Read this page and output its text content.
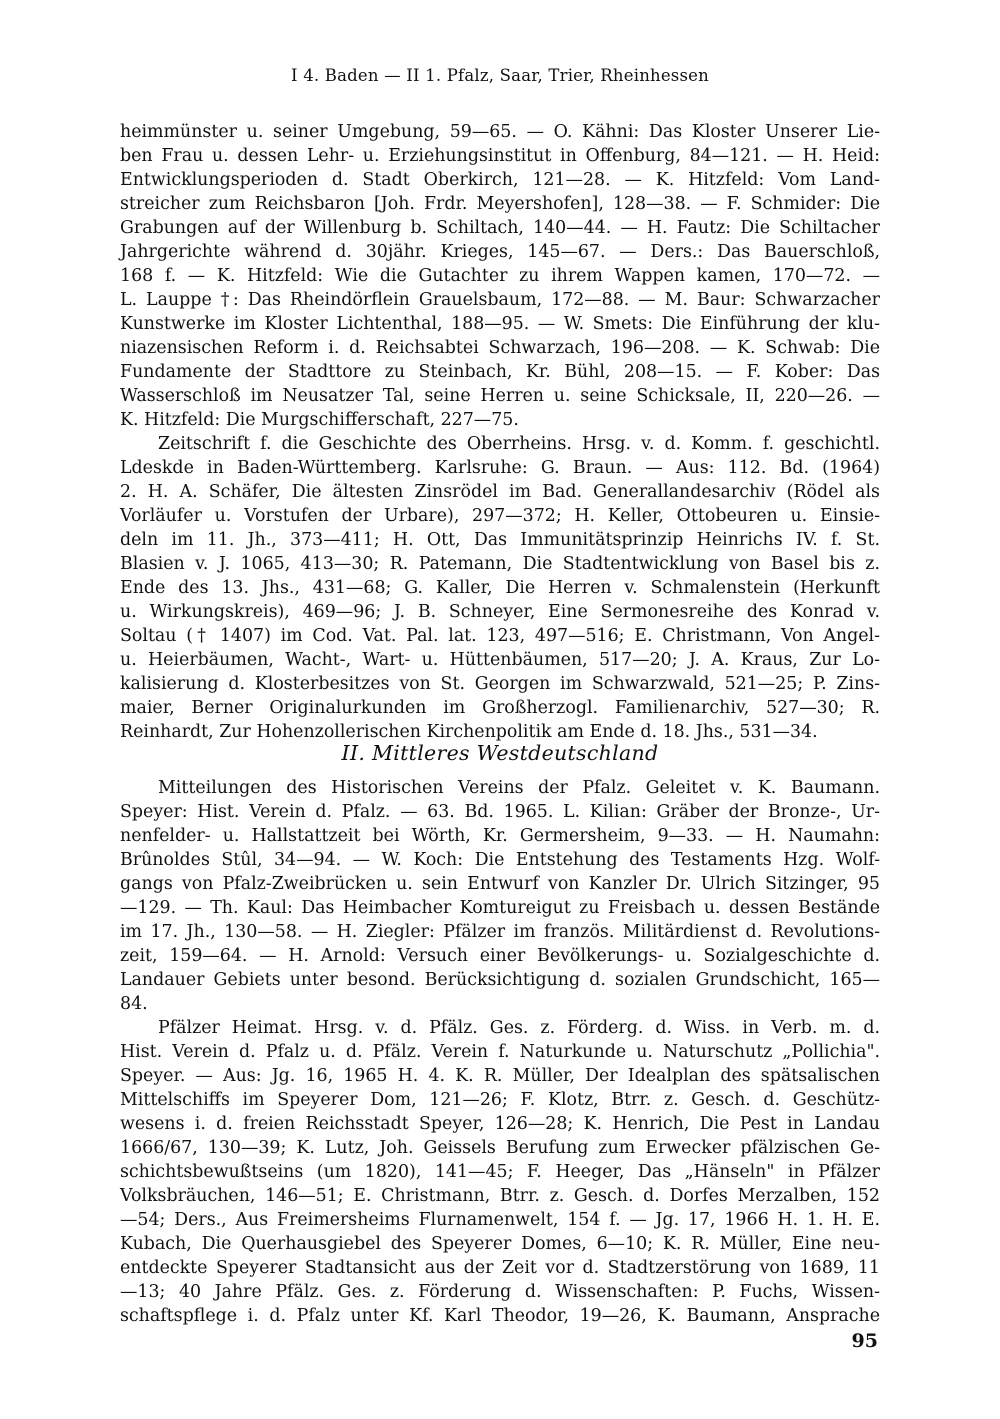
I 4. Baden — II 1. Pfalz, Saar, Trier, Rheinhessen
heimmünster u. seiner Umgebung, 59—65. — O. Kähni: Das Kloster Unserer Lie-
ben Frau u. dessen Lehr- u. Erziehungsinstitut in Offenburg, 84—121. — H. Heid:
Entwicklungsperioden d. Stadt Oberkirch, 121—28. — K. Hitzfeld: Vom Land-
streicher zum Reichsbaron [Joh. Frdr. Meyershofen], 128—38. — F. Schmider: Die
Grabungen auf der Willenburg b. Schiltach, 140—44. — H. Fautz: Die Schiltacher
Jahrgerichte während d. 30jähr. Krieges, 145—67. — Ders.: Das Bauerschloß,
168 f. — K. Hitzfeld: Wie die Gutachter zu ihrem Wappen kamen, 170—72. —
L. Lauppe †: Das Rheindörflein Grauelsbaum, 172—88. — M. Baur: Schwarzacher
Kunstwerke im Kloster Lichtenthal, 188—95. — W. Smets: Die Einführung der klu-
niazensischen Reform i. d. Reichsabtei Schwarzach, 196—208. — K. Schwab: Die
Fundamente der Stadttore zu Steinbach, Kr. Bühl, 208—15. — F. Kober: Das
Wasserschloß im Neusatzer Tal, seine Herren u. seine Schicksale, II, 220—26. —
K. Hitzfeld: Die Murgschifferschaft, 227—75.
Zeitschrift f. die Geschichte des Oberrheins. Hrsg. v. d. Komm. f. geschichtl.
Ldeskde in Baden-Württemberg. Karlsruhe: G. Braun. — Aus: 112. Bd. (1964)
2. H. A. Schäfer, Die ältesten Zinsrödel im Bad. Generallandesarchiv (Rödel als
Vorläufer u. Vorstufen der Urbare), 297—372; H. Keller, Ottobeuren u. Einsie-
deln im 11. Jh., 373—411; H. Ott, Das Immunitätsprinzip Heinrichs IV. f. St.
Blasien v. J. 1065, 413—30; R. Patemann, Die Stadtentwicklung von Basel bis z.
Ende des 13. Jhs., 431—68; G. Kaller, Die Herren v. Schmalenstein (Herkunft
u. Wirkungskreis), 469—96; J. B. Schneyer, Eine Sermonesreihe des Konrad v.
Soltau († 1407) im Cod. Vat. Pal. lat. 123, 497—516; E. Christmann, Von Angel-
u. Heierbäumen, Wacht-, Wart- u. Hüttenbäumen, 517—20; J. A. Kraus, Zur Lo-
kalisierung d. Klosterbesitzes von St. Georgen im Schwarzwald, 521—25; P. Zins-
maier, Berner Originalurkunden im Großherzogl. Familienarchiv, 527—30; R.
Reinhardt, Zur Hohenzollerischen Kirchenpolitik am Ende d. 18. Jhs., 531—34.
II. Mittleres Westdeutschland
Mitteilungen des Historischen Vereins der Pfalz. Geleitet v. K. Baumann.
Speyer: Hist. Verein d. Pfalz. — 63. Bd. 1965. L. Kilian: Gräber der Bronze-, Ur-
nenfelder- u. Hallstattzeit bei Wörth, Kr. Germersheim, 9—33. — H. Naumahn:
Brûnoldes Stûl, 34—94. — W. Koch: Die Entstehung des Testaments Hzg. Wolf-
gangs von Pfalz-Zweibrücken u. sein Entwurf von Kanzler Dr. Ulrich Sitzinger, 95
—129. — Th. Kaul: Das Heimbacher Komtureigut zu Freisbach u. dessen Bestände
im 17. Jh., 130—58. — H. Ziegler: Pfälzer im französ. Militärdienst d. Revolutions-
zeit, 159—64. — H. Arnold: Versuch einer Bevölkerungs- u. Sozialgeschichte d.
Landauer Gebiets unter besond. Berücksichtigung d. sozialen Grundschicht, 165—
84.
Pfälzer Heimat. Hrsg. v. d. Pfälz. Ges. z. Förderg. d. Wiss. in Verb. m. d.
Hist. Verein d. Pfalz u. d. Pfälz. Verein f. Naturkunde u. Naturschutz „Pollichia".
Speyer. — Aus: Jg. 16, 1965 H. 4. K. R. Müller, Der Idealplan des spätsalischen
Mittelschiffs im Speyerer Dom, 121—26; F. Klotz, Btrr. z. Gesch. d. Geschütz-
wesens i. d. freien Reichsstadt Speyer, 126—28; K. Henrich, Die Pest in Landau
1666/67, 130—39; K. Lutz, Joh. Geissels Berufung zum Erwecker pfälzischen Ge-
schichtsbewußtseins (um 1820), 141—45; F. Heeger, Das „Hänseln" in Pfälzer
Volksbräuchen, 146—51; E. Christmann, Btrr. z. Gesch. d. Dorfes Merzalben, 152
—54; Ders., Aus Freimersheims Flurnamenwelt, 154 f. — Jg. 17, 1966 H. 1. H. E.
Kubach, Die Querhausgiebel des Speyerer Domes, 6—10; K. R. Müller, Eine neu-
entdeckte Speyerer Stadtansicht aus der Zeit vor d. Stadtzerstörung von 1689, 11
—13; 40 Jahre Pfälz. Ges. z. Förderung d. Wissenschaften: P. Fuchs, Wissen-
schaftspflege i. d. Pfalz unter Kf. Karl Theodor, 19—26, K. Baumann, Ansprache
95
